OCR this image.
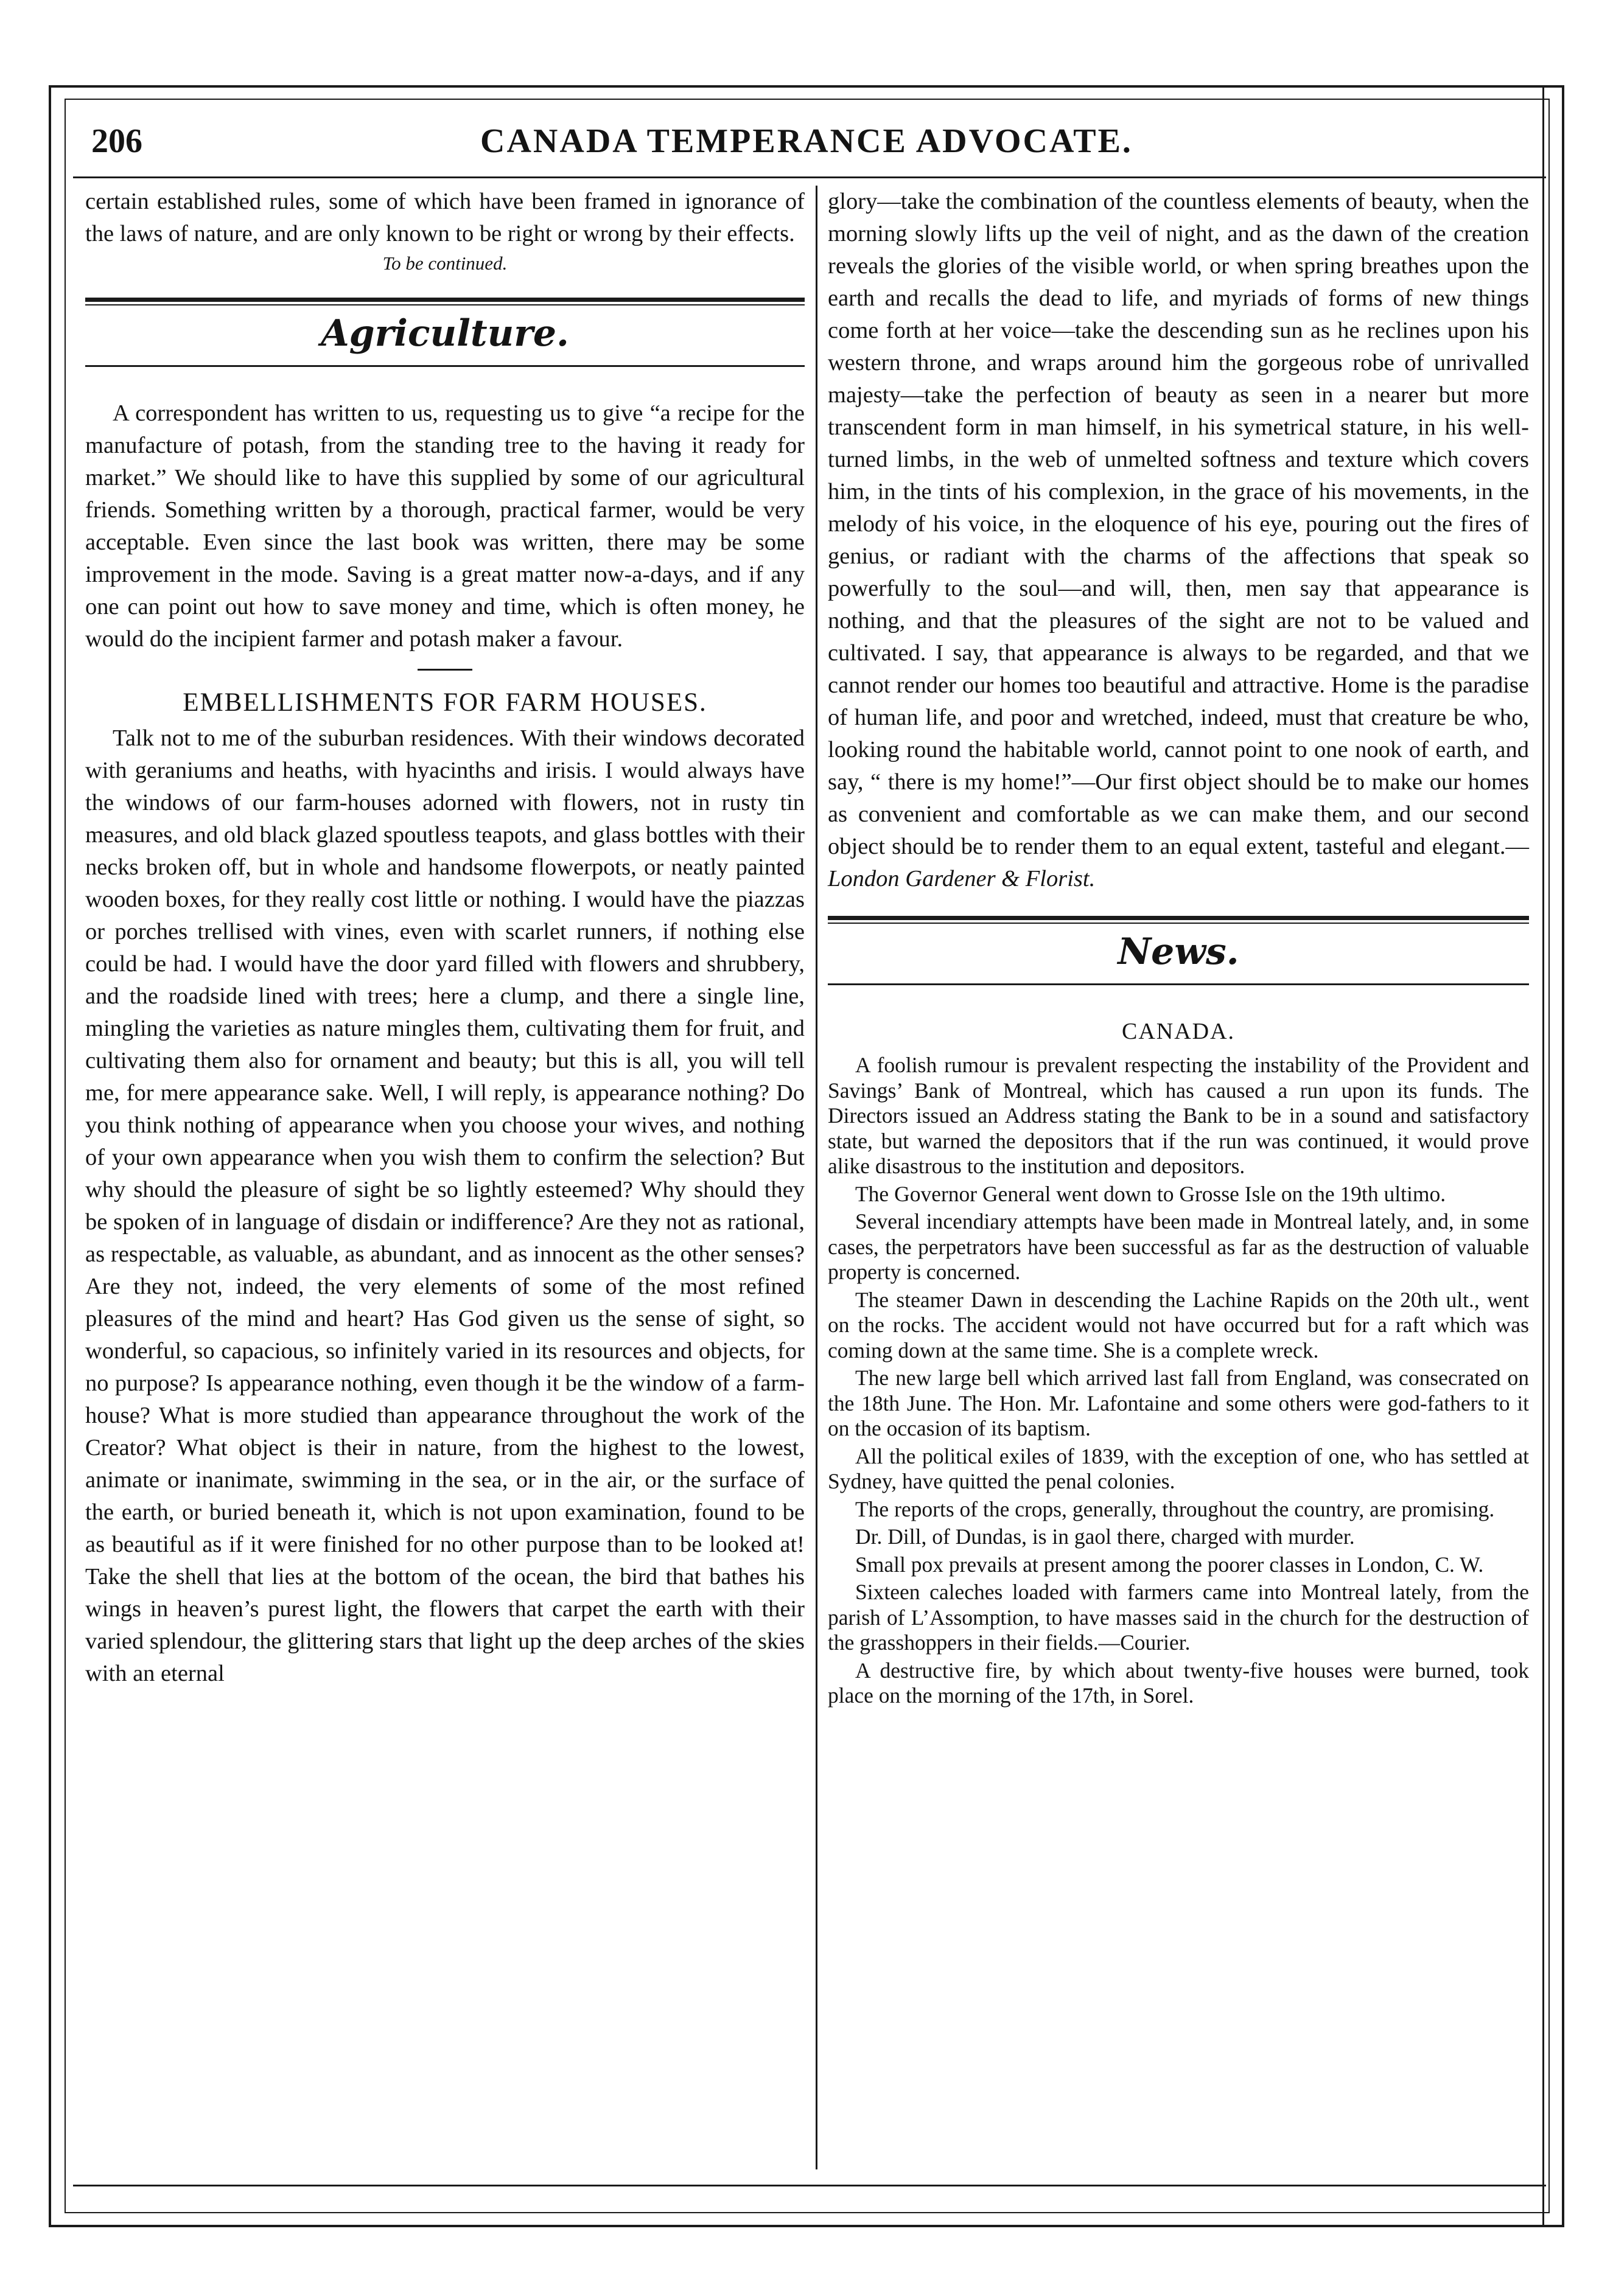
206	CANADA TEMPERANCE ADVOCATE.

certain established rules, some of which have been framed in ignorance of the laws of nature, and are only known to be right or wrong by their effects.

To be continued.
Agriculture.

A correspondent has written to us, requesting us to give “a recipe for the manufacture of potash, from the standing tree to the having it ready for market.” We should like to have this supplied by some of our agricultural friends. Something written by a thorough, practical farmer, would be very acceptable. Even since the last book was written, there may be some improvement in the mode. Saving is a great matter now-a-days, and if any one can point out how to save money and time, which is often money, he would do the incipient farmer and potash maker a favour.

EMBELLISHMENTS FOR FARM HOUSES.

Talk not to me of the suburban residences. With their windows decorated with geraniums and heaths, with hyacinths and irisis. I would always have the windows of our farm-houses adorned with flowers, not in rusty tin measures, and old black glazed spoutless teapots, and glass bottles with their necks broken off, but in whole and handsome flowerpots, or neatly painted wooden boxes, for they really cost little or nothing. I would have the piazzas or porches trellised with vines, even with scarlet runners, if nothing else could be had. I would have the door yard filled with flowers and shrubbery, and the roadside lined with trees; here a clump, and there a single line, mingling the varieties as nature mingles them, cultivating them for fruit, and cultivating them also for ornament and beauty; but this is all, you will tell me, for mere appearance sake. Well, I will reply, is appearance nothing? Do you think nothing of appearance when you choose your wives, and nothing of your own appearance when you wish them to confirm the selection? But why should the pleasure of sight be so lightly esteemed? Why should they be spoken of in language of disdain or indifference? Are they not as rational, as respectable, as valuable, as abundant, and as innocent as the other senses? Are they not, indeed, the very elements of some of the most refined pleasures of the mind and heart? Has God given us the sense of sight, so wonderful, so capacious, so infinitely varied in its resources and objects, for no purpose? Is appearance nothing, even though it be the window of a farm-house? What is more studied than appearance throughout the work of the Creator? What object is their in nature, from the highest to the lowest, animate or inanimate, swimming in the sea, or in the air, or the surface of the earth, or buried beneath it, which is not upon examination, found to be as beautiful as if it were finished for no other purpose than to be looked at! Take the shell that lies at the bottom of the ocean, the bird that bathes his wings in heaven’s purest light, the flowers that carpet the earth with their varied splendour, the glittering stars that light up the deep arches of the skies with an eternal

glory—take the combination of the countless elements of beauty, when the morning slowly lifts up the veil of night, and as the dawn of the creation reveals the glories of the visible world, or when spring breathes upon the earth and recalls the dead to life, and myriads of forms of new things come forth at her voice—take the descending sun as he reclines upon his western throne, and wraps around him the gorgeous robe of unrivalled majesty—take the perfection of beauty as seen in a nearer but more transcendent form in man himself, in his symetrical stature, in his well-turned limbs, in the web of unmelted softness and texture which covers him, in the tints of his complexion, in the grace of his movements, in the melody of his voice, in the eloquence of his eye, pouring out the fires of genius, or radiant with the charms of the affections that speak so powerfully to the soul—and will, then, men say that appearance is nothing, and that the pleasures of the sight are not to be valued and cultivated. I say, that appearance is always to be regarded, and that we cannot render our homes too beautiful and attractive. Home is the paradise of human life, and poor and wretched, indeed, must that creature be who, looking round the habitable world, cannot point to one nook of earth, and say, “ there is my home!”—Our first object should be to make our homes as convenient and comfortable as we can make them, and our second object should be to render them to an equal extent, tasteful and elegant.—London Gardener & Florist.

News.
CANADA.

A foolish rumour is prevalent respecting the instability of the Provident and Savings’ Bank of Montreal, which has caused a run upon its funds. The Directors issued an Address stating the Bank to be in a sound and satisfactory state, but warned the depositors that if the run was continued, it would prove alike disastrous to the institution and depositors.

The Governor General went down to Grosse Isle on the 19th ultimo.

Several incendiary attempts have been made in Montreal lately, and, in some cases, the perpetrators have been successful as far as the destruction of valuable property is concerned.

The steamer Dawn in descending the Lachine Rapids on the 20th ult., went on the rocks. The accident would not have occurred but for a raft which was coming down at the same time. She is a complete wreck.

The new large bell which arrived last fall from England, was consecrated on the 18th June. The Hon. Mr. Lafontaine and some others were god-fathers to it on the occasion of its baptism.

All the political exiles of 1839, with the exception of one, who has settled at Sydney, have quitted the penal colonies.

The reports of the crops, generally, throughout the country, are promising.

Dr. Dill, of Dundas, is in gaol there, charged with murder.

Small pox prevails at present among the poorer classes in London, C. W.

Sixteen caleches loaded with farmers came into Montreal lately, from the parish of L’Assomption, to have masses said in the church for the destruction of the grasshoppers in their fields.—Courier.

A destructive fire, by which about twenty-five houses were burned, took place on the morning of the 17th, in Sorel.
